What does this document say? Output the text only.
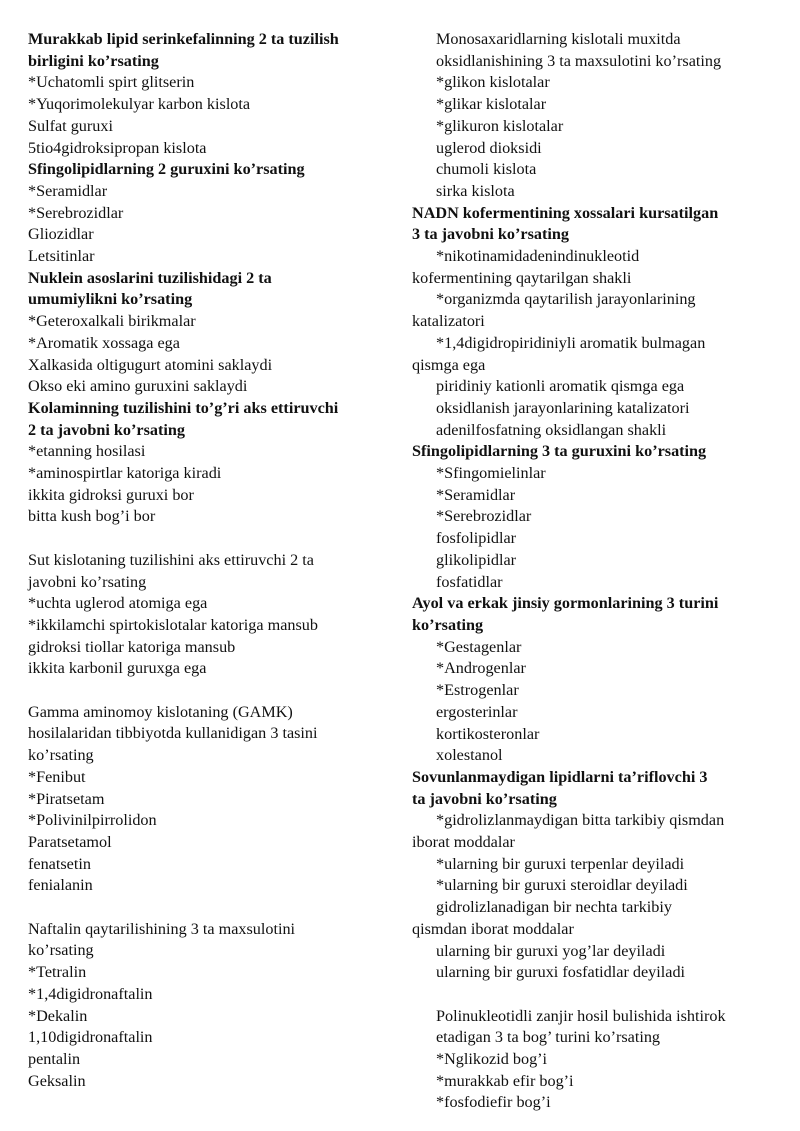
Murakkab lipid serinkefalinning 2 ta tuzilish
birligini ko’rsating
*Uchatomli spirt glitserin
*Yuqorimolekulyar karbon kislota
Sulfat guruxi
5tio4gidroksipropan kislota
Sfingolipidlarning 2 guruxini ko’rsating
*Seramidlar
*Serebrozidlar
Gliozidlar
Letsitinlar
Nuklein asoslarini tuzilishidagi 2 ta
umumiylikni ko’rsating
*Geteroxalkali birikmalar
*Aromatik xossaga ega
Xalkasida oltigugurt atomini saklaydi
Okso eki amino guruxini saklaydi
Kolaminning tuzilishini to’g’ri aks ettiruvchi
2 ta javobni ko’rsating
*etanning hosilasi
*aminospirtlar katoriga kiradi
ikkita gidroksi guruxi bor
bitta kush bog’i bor
Sut kislotaning tuzilishini aks ettiruvchi 2 ta
javobni ko’rsating
*uchta uglerod atomiga ega
*ikkilamchi spirtokislotalar katoriga mansub
gidroksi tiollar katoriga mansub
ikkita karbonil guruxga ega
Gamma aminomoy kislotaning (GAMK)
hosilalaridan tibbiyotda kullanidigan 3 tasini
ko’rsating
*Fenibut
*Piratsetam
*Polivinilpirrolidon
Paratsetamol
fenatsetin
fenialanin
Naftalin qaytarilishining 3 ta maxsulotini
ko’rsating
*Tetralin
*1,4digidronaftalin
*Dekalin
1,10digidronaftalin
pentalin
Geksalin
Monosaxaridlarning kislotali muxitda
oksidlanishining 3 ta maxsulotini ko’rsating
*glikon kislotalar
*glikar kislotalar
*glikuron kislotalar
uglerod dioksidi
chumoli kislota
sirka kislota
NADN kofermentining xossalari kursatilgan
3 ta javobni ko’rsating
*nikotinamidadenindinukleotid
kofermentining qaytarilgan shakli
*organizmda qaytarilish jarayonlarining
katalizatori
*1,4digidropiridiniyli aromatik bulmagan
qismga ega
piridiniy kationli aromatik qismga ega
oksidlanish jarayonlarining katalizatori
adenilfosfatning oksidlangan shakli
Sfingolipidlarning 3 ta guruxini ko’rsating
*Sfingomielinlar
*Seramidlar
*Serebrozidlar
fosfolipidlar
glikolipidlar
fosfatidlar
Ayol va erkak jinsiy gormonlarining 3 turini
ko’rsating
*Gestagenlar
*Androgenlar
*Estrogenlar
ergosterinlar
kortikosteronlar
xolestanol
Sovunlanmaydigan lipidlarni ta’riflovchi 3
ta javobni ko’rsating
*gidrolizlanmaydigan bitta tarkibiy qismdan
iborat moddalar
*ularning bir guruxi terpenlar deyiladi
*ularning bir guruxi steroidlar deyiladi
gidrolizlanadigan bir nechta tarkibiy
qismdan iborat moddalar
ularning bir guruxi yog’lar deyiladi
ularning bir guruxi fosfatidlar deyiladi
Polinukleotidli zanjir hosil bulishida ishtirok
etadigan 3 ta bog’ turini ko’rsating
*Nglikozid bog’i
*murakkab efir bog’i
*fosfodiefir bog’i
